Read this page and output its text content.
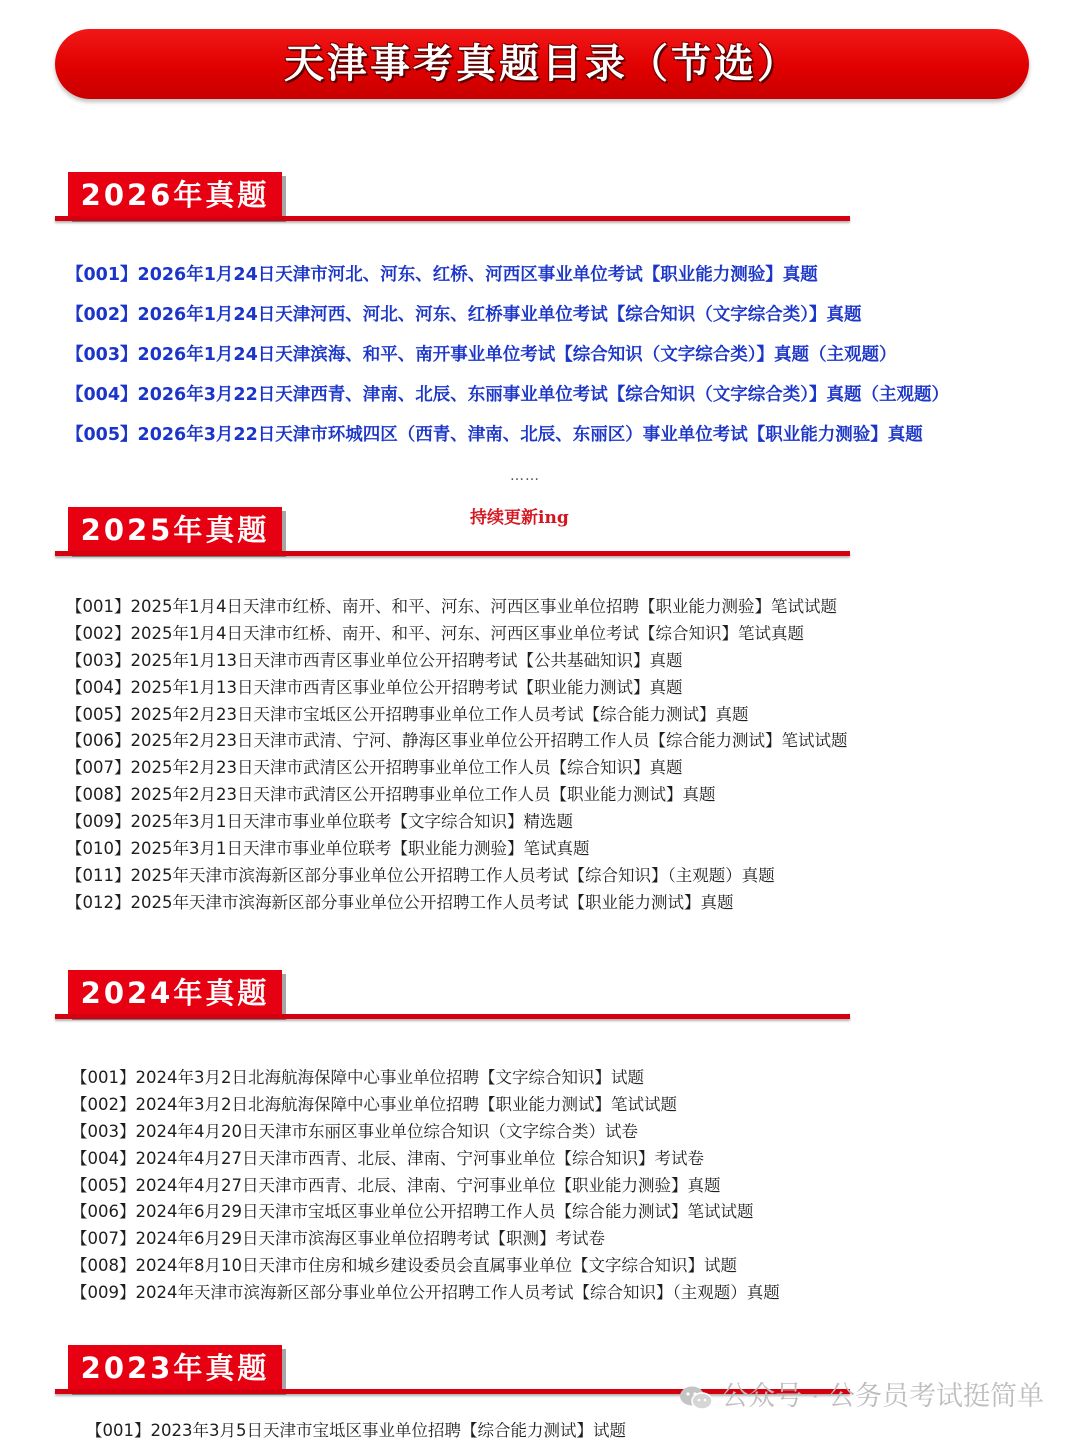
天津事考真题目录（节选）
2026年真题
【001】2026年1月24日天津市河北、河东、红桥、河西区事业单位考试【职业能力测验】真题
【002】2026年1月24日天津河西、河北、河东、红桥事业单位考试【综合知识（文字综合类）】真题
【003】2026年1月24日天津滨海、和平、南开事业单位考试【综合知识（文字综合类）】真题（主观题）
【004】2026年3月22日天津西青、津南、北辰、东丽事业单位考试【综合知识（文字综合类）】真题（主观题）
【005】2026年3月22日天津市环城四区（西青、津南、北辰、东丽区）事业单位考试【职业能力测验】真题
……
持续更新ing
2025年真题
【001】2025年1月4日天津市红桥、南开、和平、河东、河西区事业单位招聘【职业能力测验】笔试试题
【002】2025年1月4日天津市红桥、南开、和平、河东、河西区事业单位考试【综合知识】笔试真题
【003】2025年1月13日天津市西青区事业单位公开招聘考试【公共基础知识】真题
【004】2025年1月13日天津市西青区事业单位公开招聘考试【职业能力测试】真题
【005】2025年2月23日天津市宝坻区公开招聘事业单位工作人员考试【综合能力测试】真题
【006】2025年2月23日天津市武清、宁河、静海区事业单位公开招聘工作人员【综合能力测试】笔试试题
【007】2025年2月23日天津市武清区公开招聘事业单位工作人员【综合知识】真题
【008】2025年2月23日天津市武清区公开招聘事业单位工作人员【职业能力测试】真题
【009】2025年3月1日天津市事业单位联考【文字综合知识】精选题
【010】2025年3月1日天津市事业单位联考【职业能力测验】笔试真题
【011】2025年天津市滨海新区部分事业单位公开招聘工作人员考试【综合知识】（主观题）真题
【012】2025年天津市滨海新区部分事业单位公开招聘工作人员考试【职业能力测试】真题
2024年真题
【001】2024年3月2日北海航海保障中心事业单位招聘【文字综合知识】试题
【002】2024年3月2日北海航海保障中心事业单位招聘【职业能力测试】笔试试题
【003】2024年4月20日天津市东丽区事业单位综合知识（文字综合类）试卷
【004】2024年4月27日天津市西青、北辰、津南、宁河事业单位【综合知识】考试卷
【005】2024年4月27日天津市西青、北辰、津南、宁河事业单位【职业能力测验】真题
【006】2024年6月29日天津市宝坻区事业单位公开招聘工作人员【综合能力测试】笔试试题
【007】2024年6月29日天津市滨海区事业单位招聘考试【职测】考试卷
【008】2024年8月10日天津市住房和城乡建设委员会直属事业单位【文字综合知识】试题
【009】2024年天津市滨海新区部分事业单位公开招聘工作人员考试【综合知识】（主观题）真题
2023年真题
【001】2023年3月5日天津市宝坻区事业单位招聘【综合能力测试】试题
公众号 · 公务员考试挺简单
